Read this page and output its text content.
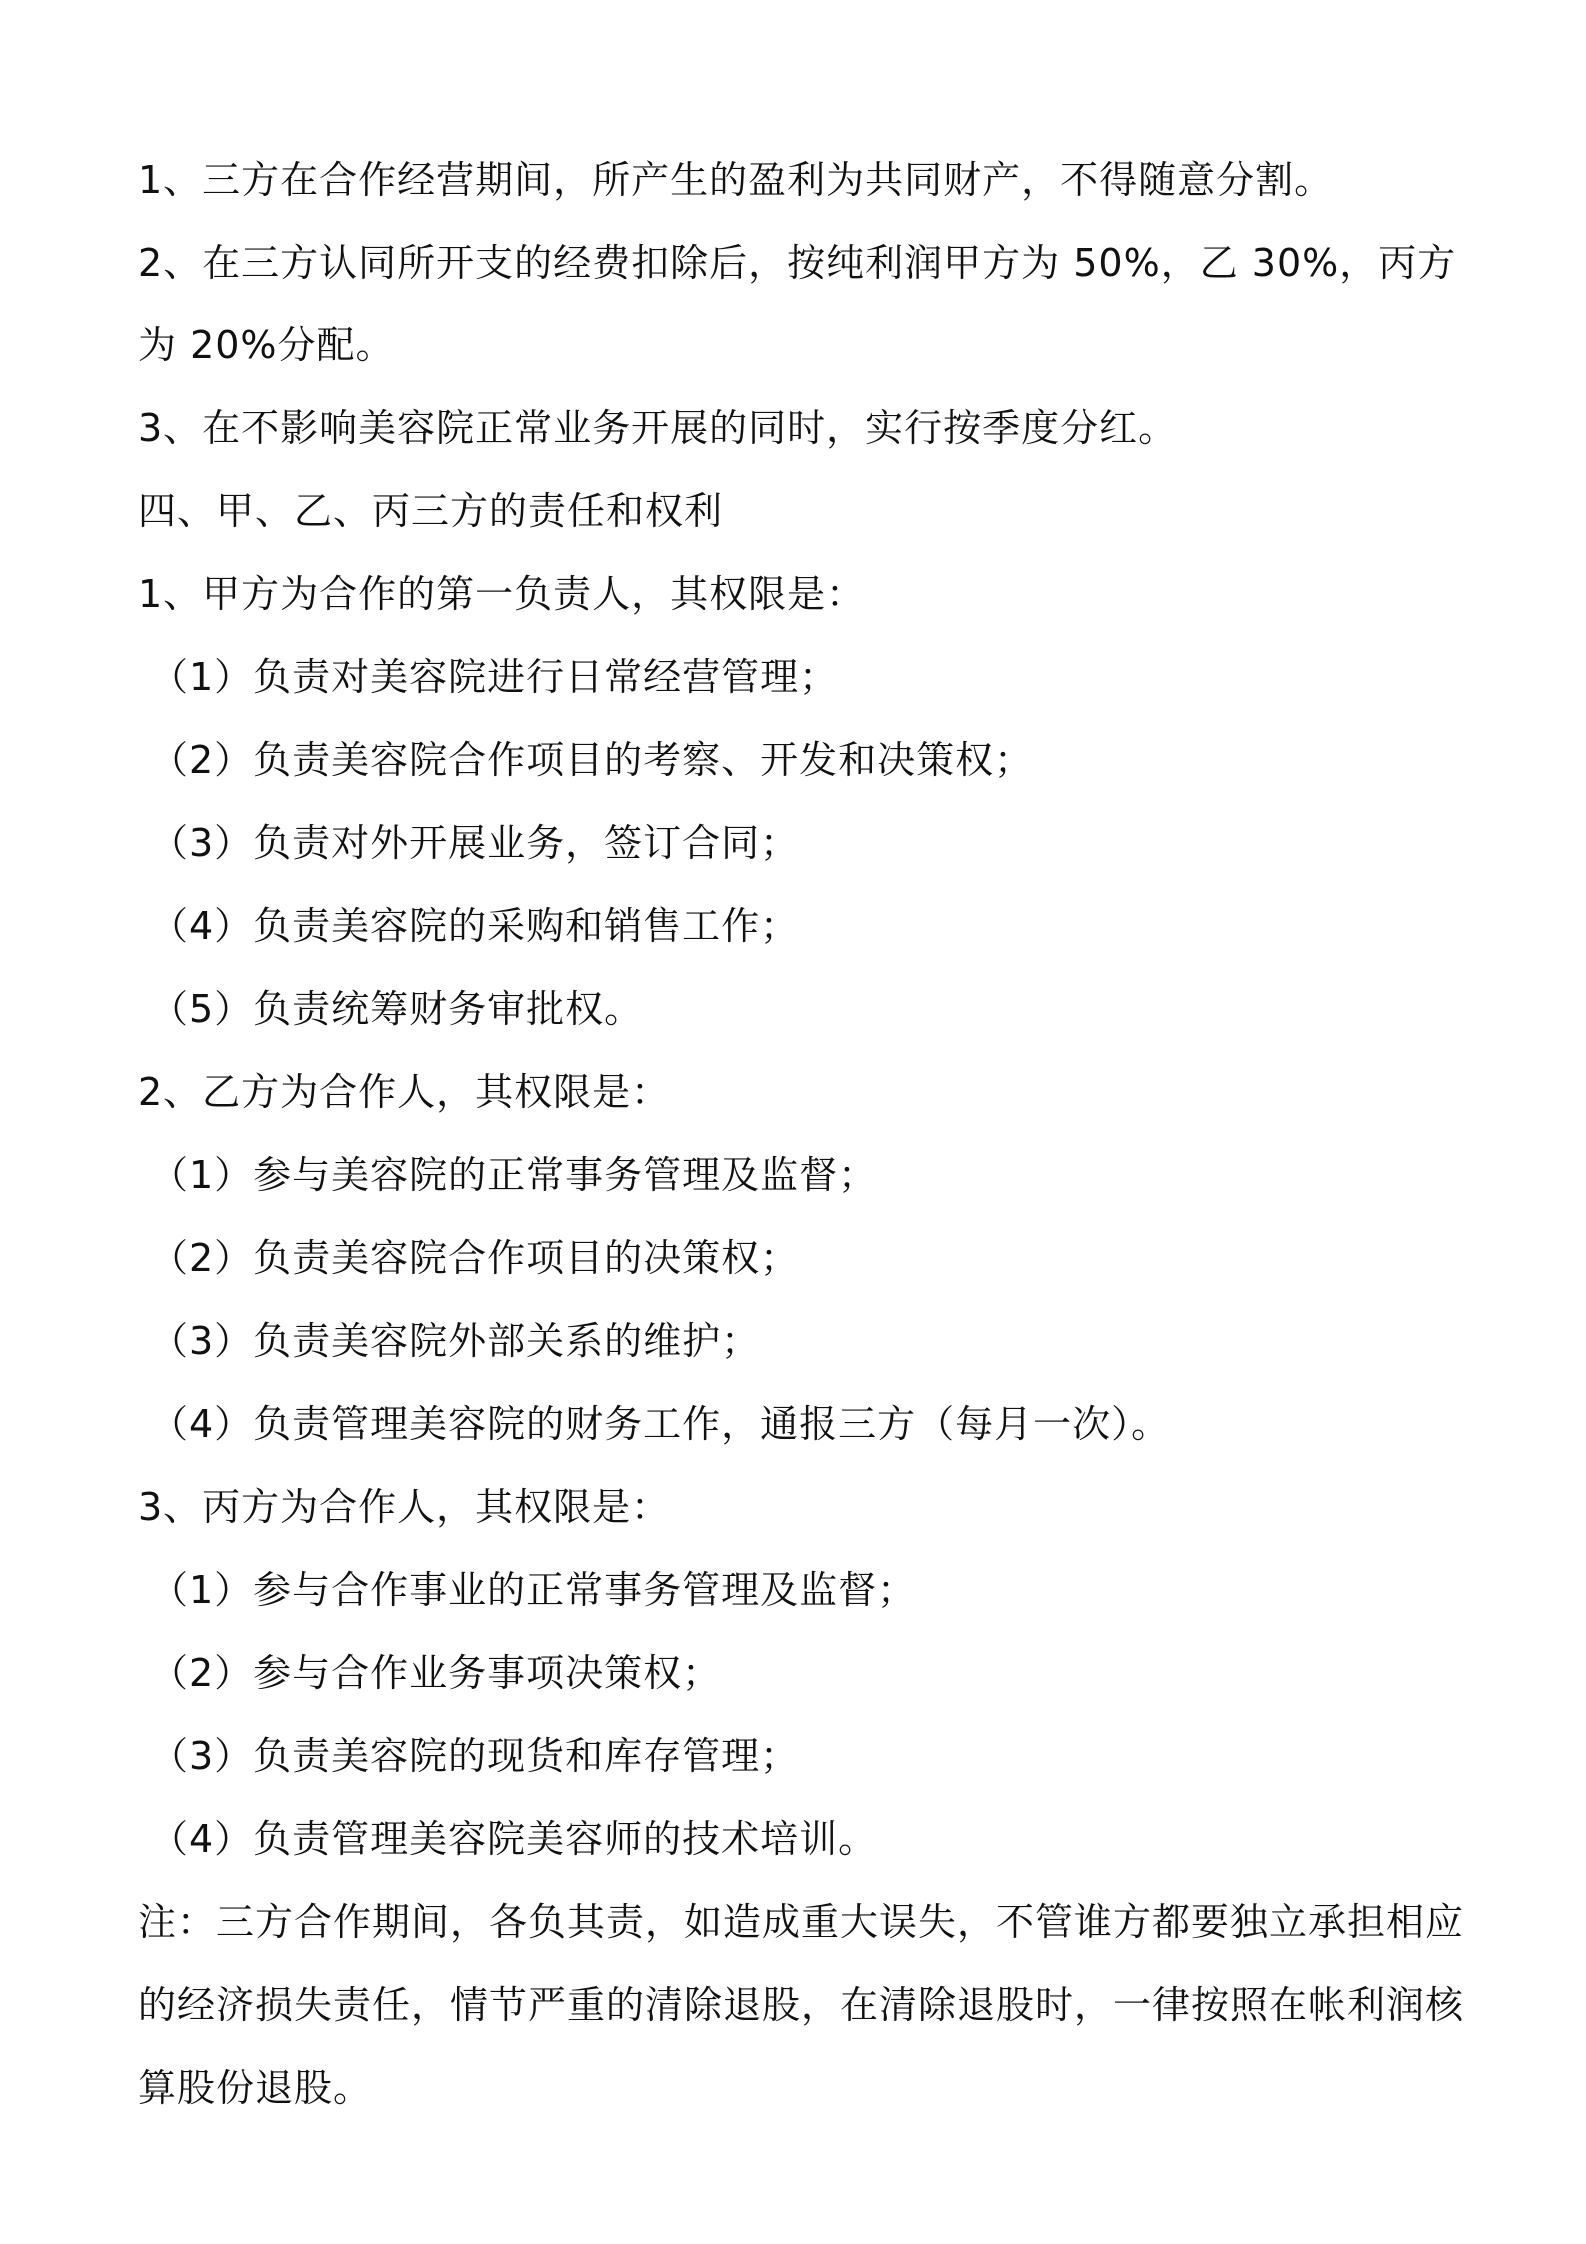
1、三方在合作经营期间，所产生的盈利为共同财产，不得随意分割。
2、在三方认同所开支的经费扣除后，按纯利润甲方为 50%，乙 30%，丙方
为 20%分配。
3、在不影响美容院正常业务开展的同时，实行按季度分红。
四、甲、乙、丙三方的责任和权利
1、甲方为合作的第一负责人，其权限是：
（1）负责对美容院进行日常经营管理；
（2）负责美容院合作项目的考察、开发和决策权；
（3）负责对外开展业务，签订合同；
（4）负责美容院的采购和销售工作；
（5）负责统筹财务审批权。
2、乙方为合作人，其权限是：
（1）参与美容院的正常事务管理及监督；
（2）负责美容院合作项目的决策权；
（3）负责美容院外部关系的维护；
（4）负责管理美容院的财务工作，通报三方（每月一次）。
3、丙方为合作人，其权限是：
（1）参与合作事业的正常事务管理及监督；
（2）参与合作业务事项决策权；
（3）负责美容院的现货和库存管理；
（4）负责管理美容院美容师的技术培训。
注：三方合作期间，各负其责，如造成重大误失，不管谁方都要独立承担相应
的经济损失责任，情节严重的清除退股，在清除退股时，一律按照在帐利润核
算股份退股。
